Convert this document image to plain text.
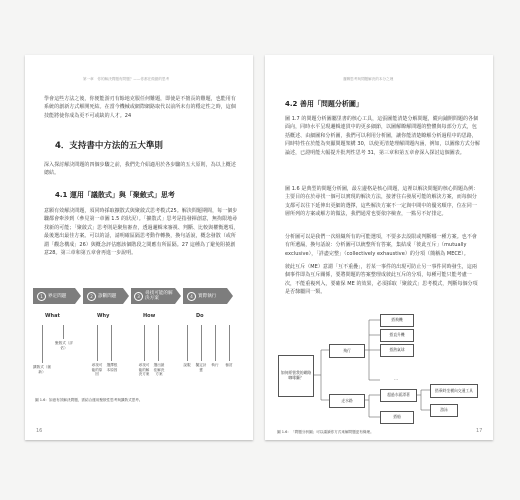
第一章　你的解決問題有問題？——你都在做錯的思考
學會這些方法之後，你便能游刃有餘地克服任何難題，即使是不擅長的難題，也能用有系統的創新方式解開死結。在當今機械或網際網路取代以前所未有的穩定性之時，這個技能將使你成為更不可或缺的人才。24
4．支持書中方法的五大準則
深入探討解決問題的四個步驟之前，我們先介紹適用於各步驟的五大原則，為以上概述總結。
4.1 運用「議散式」與「聚斂式」思考
意願有效解決問題，須同時採取擴散式與聚斂式思考模式25。解決問題期間，每一個步驟都會牽涉到（參見第一章圖 1.5 的狀況）。「擴散式」思考是指發揮創意，無拘限地尋找新的可能；「聚斂式」思考則是聚焦審查，透過邏輯來審視、判斷、比較與權衡選項，最後選出最佳方案。可以的話，請明確區隔思考動作轉換，換句話說，概念發散（或所謂「觀念構成」26）與概念評估應該個階段之間應有所區隔。27 這種為了避免阻撓創意28。第三章和第五章會再進一步說明。
1	界定問題	2	診斷問題	3	尋找可能的解決方案	4	實際執行
What	Why	How	Do
擴散式（創新）
聚斂式（評估）
尋找可能的原因
選擇根本原因
尋找可能的解決方案
選出最佳解決方案
說服	擬定計畫
執行	檢討
圖 1.6：如意有效解決問題，需結合運用聚斂性思考與擴散式思考。
16
邏輯思考與問題解決的本分之理
4.2 善用「問題分析圖」
圖 1.7 的問題分析圖屬里書的核心工具，這張圖能清楚分解問題，縱向鋪開問題的各個面向，同時水平呈現邏輯連貫中的更多細節，以圖解瞭解問題的整體與每部分方式，包括概述、由細圖和分析圖，我們可以利用分析圖，讓你能清楚瞭解分析過程中的思路，同時特性在於能為突顯問題架構 30，以使更清楚理解問題內涵，例如，以圖像方式分解論述，已證明能大幅提升批判性思考 31，第三章和第五章會深入探討這個圖表。
圖 1.6 是典型的問題分析圖，最左邊格是核心問題，這裡以解決問題的核心問題為例：主要目的在於尋找一個可以實現的解決方法，接著往右發展可能的解決方案，而每個分支都可以往下延伸出更細的選擇，這些解決方案不一定與中間中的優劣順序，位在同一層所列的方案或解方的做法，我們通常也要依序檢查，一點另不好排定。
分析圖可以是我們一次組織所有的可能選項，不要多去設限或判斷哪一種方案。也不會有所遺漏，換句話說：分析圖可以統整所有答案，集結成「彼此互斥」（mutually exclusive），「詳盡完整」（collectively exhaustive）的分項（簡稱為 MECE）。
彼此互斥（ME）意謂「互不重疊」，若某一事件的出現可防止另一事件同時發生，這兩個事件即為互斥關係，要將問題的答案整理成彼此互斥的分項，每種可能只能考慮一次，不能重複列入，要確保 ME 的效果，必須採取「聚斂式」思考模式，判斷每個分項是否隸屬同一類。
如何經營我的網路咖啡廳？
飛行
走水路
搭飛機
搭直升機
搭熱氣球
…
超過水面漂著
搭船
搭乘時坐橫向交通工具
游泳
圖 1.6：「問題分析圖」可以讓讀你方式來解問題更有條理。	17
